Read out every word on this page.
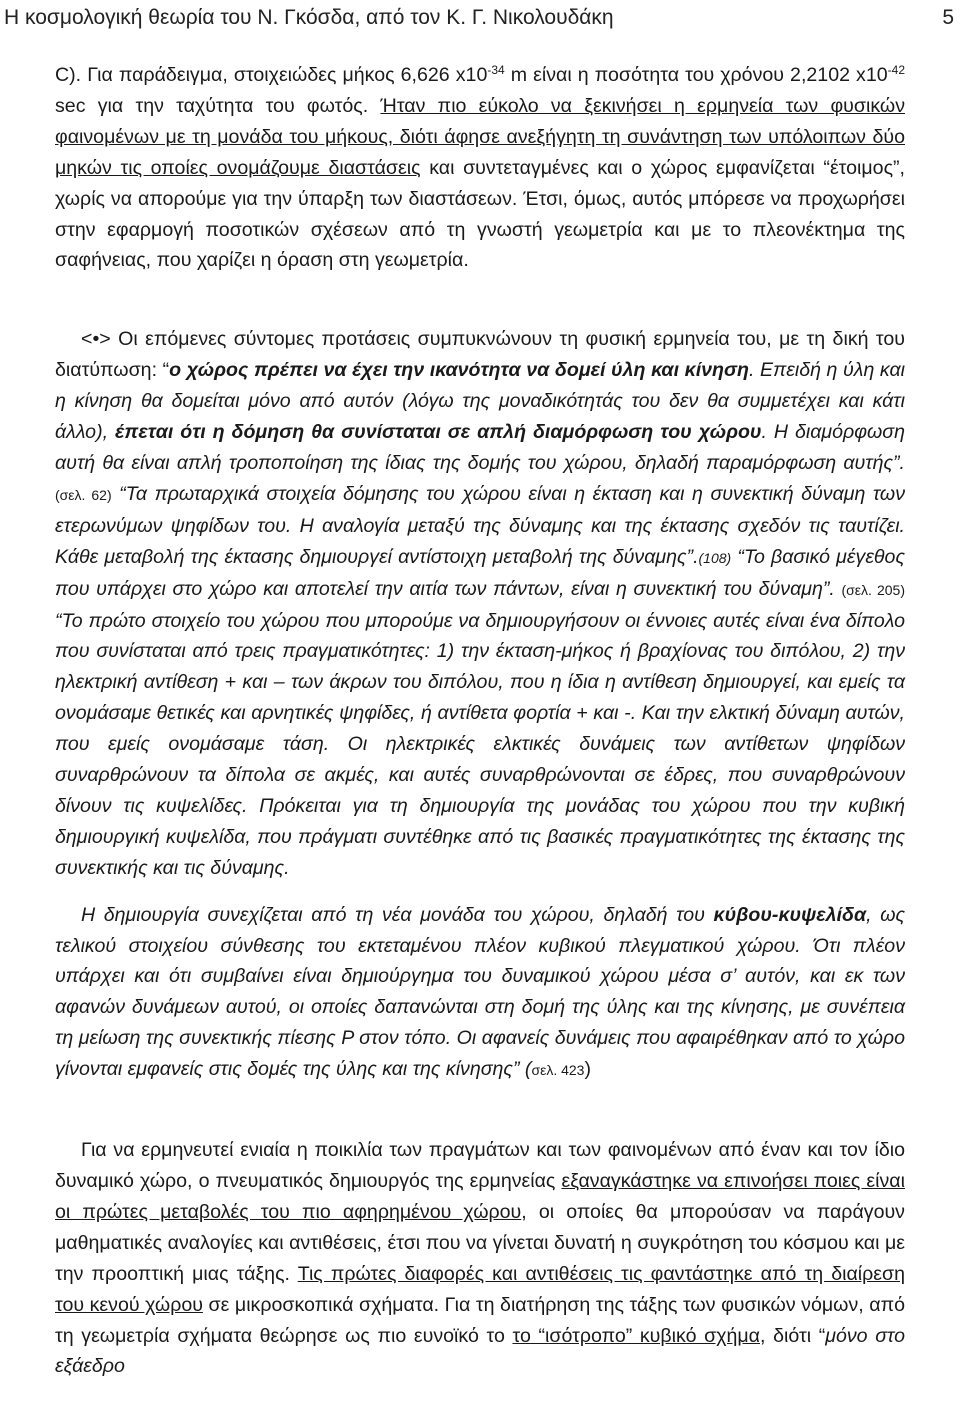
Η κοσμολογική θεωρία του Ν. Γκόσδα, από τον Κ. Γ. Νικολουδάκη	5

C). Για παράδειγμα, στοιχειώδες μήκος 6,626 $x10^{-34}$ m είναι η ποσότητα του χρόνου 2,2102 $x10^{-42}$ sec για την ταχύτητα του φωτός. Ήταν πιο εύκολο να ξεκινήσει η ερμηνεία των φυσικών φαινομένων με τη μονάδα του μήκους, διότι άφησε ανεξήγητη τη συνάντηση των υπόλοιπων δύο μηκών τις οποίες ονομάζουμε διαστάσεις και συντεταγμένες και ο χώρος εμφανίζεται “έτοιμος”, χωρίς να απορούμε για την ύπαρξη των διαστάσεων. Έτσι, όμως, αυτός μπόρεσε να προχωρήσει στην εφαρμογή ποσοτικών σχέσεων από τη γνωστή γεωμετρία και με το πλεονέκτημα της σαφήνειας, που χαρίζει η όραση στη γεωμετρία.

<•> Οι επόμενες σύντομες προτάσεις συμπυκνώνουν τη φυσική ερμηνεία του, με τη δική του διατύπωση: “ο χώρος πρέπει να έχει την ικανότητα να δομεί ύλη και κίνηση. Επειδή η ύλη και η κίνηση θα δομείται μόνο από αυτόν (λόγω της μοναδικότητάς του δεν θα συμμετέχει και κάτι άλλο), έπεται ότι η δόμηση θα συνίσταται σε απλή διαμόρφωση του χώρου. Η διαμόρφωση αυτή θα είναι απλή τροποποίηση της ίδιας της δομής του χώρου, δηλαδή παραμόρφωση αυτής”. (σελ. 62) “Τα πρωταρχικά στοιχεία δόμησης του χώρου είναι η έκταση και η συνεκτική δύναμη των ετερωνύμων ψηφίδων του. Η αναλογία μεταξύ της δύναμης και της έκτασης σχεδόν τις ταυτίζει. Κάθε μεταβολή της έκτασης δημιουργεί αντίστοιχη μεταβολή της δύναμης”.(108) “Το βασικό μέγεθος που υπάρχει στο χώρο και αποτελεί την αιτία των πάντων, είναι η συνεκτική του δύναμη”. (σελ. 205) “Το πρώτο στοιχείο του χώρου που μπορούμε να δημιουργήσουν οι έννοιες αυτές είναι ένα δίπολο που συνίσταται από τρεις πραγματικότητες: 1) την έκταση-μήκος ή βραχίονας του διπόλου, 2) την ηλεκτρική αντίθεση + και – των άκρων του διπόλου, που η ίδια η αντίθεση δημιουργεί, και εμείς τα ονομάσαμε θετικές και αρνητικές ψηφίδες, ή αντίθετα φορτία + και -. Και την ελκτική δύναμη αυτών, που εμείς ονομάσαμε τάση. Οι ηλεκτρικές ελκτικές δυνάμεις των αντίθετων ψηφίδων συναρθρώνουν τα δίπολα σε ακμές, και αυτές συναρθρώνονται σε έδρες, που συναρθρώνουν δίνουν τις κυψελίδες. Πρόκειται για τη δημιουργία της μονάδας του χώρου που την κυβική δημιουργική κυψελίδα, που πράγματι συντέθηκε από τις βασικές πραγματικότητες της έκτασης της συνεκτικής και τις δύναμης.

Η δημιουργία συνεχίζεται από τη νέα μονάδα του χώρου, δηλαδή του κύβου-κυψελίδα, ως τελικού στοιχείου σύνθεσης του εκτεταμένου πλέον κυβικού πλεγματικού χώρου. Ότι πλέον υπάρχει και ότι συμβαίνει είναι δημιούργημα του δυναμικού χώρου μέσα σ’ αυτόν, και εκ των αφανών δυνάμεων αυτού, οι οποίες δαπανώνται στη δομή της ύλης και της κίνησης, με συνέπεια τη μείωση της συνεκτικής πίεσης P στον τόπο. Οι αφανείς δυνάμεις που αφαιρέθηκαν από το χώρο γίνονται εμφανείς στις δομές της ύλης και της κίνησης” (σελ. 423)

Για να ερμηνευτεί ενιαία η ποικιλία των πραγμάτων και των φαινομένων από έναν και τον ίδιο δυναμικό χώρο, ο πνευματικός δημιουργός της ερμηνείας εξαναγκάστηκε να επινοήσει ποιες είναι οι πρώτες μεταβολές του πιο αφηρημένου χώρου, οι οποίες θα μπορούσαν να παράγουν μαθηματικές αναλογίες και αντιθέσεις, έτσι που να γίνεται δυνατή η συγκρότηση του κόσμου και με την προοπτική μιας τάξης. Τις πρώτες διαφορές και αντιθέσεις τις φαντάστηκε από τη διαίρεση του κενού χώρου σε μικροσκοπικά σχήματα. Για τη διατήρηση της τάξης των φυσικών νόμων, από τη γεωμετρία σχήματα θεώρησε ως πιο ευνοϊκό το το “ισότροπο” κυβικό σχήμα, διότι “μόνο στο εξάεδρο
